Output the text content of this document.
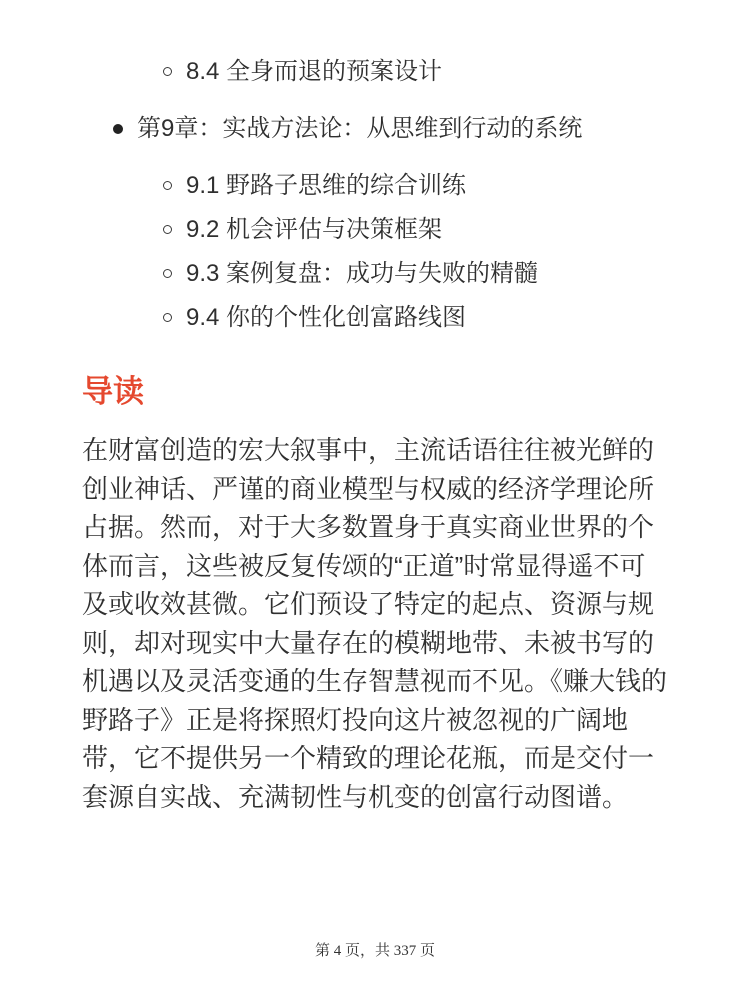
8.4 全身而退的预案设计
第9章：实战方法论：从思维到行动的系统
9.1 野路子思维的综合训练
9.2 机会评估与决策框架
9.3 案例复盘：成功与失败的精髓
9.4 你的个性化创富路线图
导读

在财富创造的宏大叙事中，主流话语往往被光鲜的创业神话、严谨的商业模型与权威的经济学理论所占据。然而，对于大多数置身于真实商业世界的个体而言，这些被反复传颂的“正道”时常显得遥不可及或收效甚微。它们预设了特定的起点、资源与规则，却对现实中大量存在的模糊地带、未被书写的机遇以及灵活变通的生存智慧视而不见。《赚大钱的野路子》正是将探照灯投向这片被忽视的广阔地带，它不提供另一个精致的理论花瓶，而是交付一套源自实战、充满韧性与机变的创富行动图谱。

第 4 页，共 337 页
